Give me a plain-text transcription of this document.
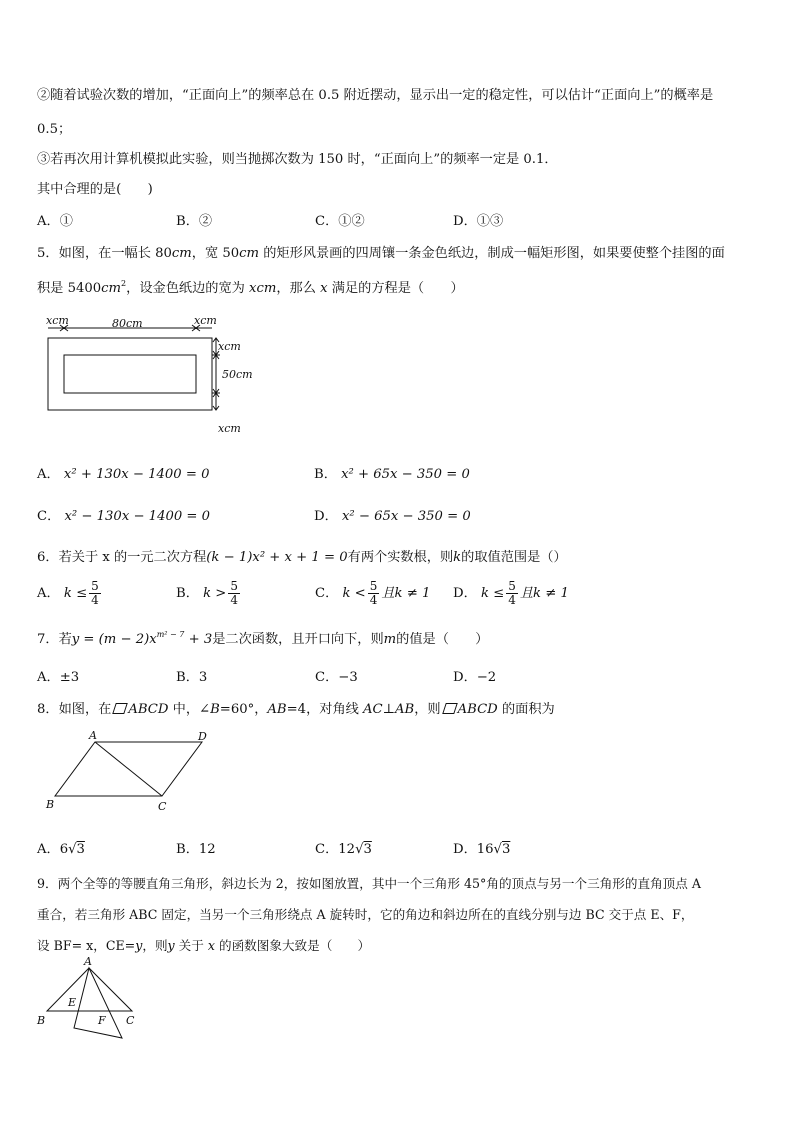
②随着试验次数的增加，“正面向上”的频率总在 0.5 附近摆动，显示出一定的稳定性，可以估计“正面向上”的概率是
0.5；
③若再次用计算机模拟此实验，则当抛掷次数为 150 时，“正面向上”的频率一定是 0.1．
其中合理的是(　　)
A．①	B．②	C．①②	D．①③
5．如图，在一幅长 80cm，宽 50cm 的矩形风景画的四周镶一条金色纸边，制成一幅矩形图，如果要使整个挂图的面
积是 $5400cm^2$，设金色纸边的宽为 xcm，那么 x 满足的方程是（　　）
xcm	80cm	xcm
xcm
50cm
xcm
A． x² + 130x − 1400 = 0	B． x² + 65x − 350 = 0
C． x² − 130x − 1400 = 0	D． x² − 65x − 350 = 0
6．若关于 x 的一元二次方程(k − 1)x² + x + 1 = 0有两个实数根，则k的取值范围是（）
A． $k \le \frac{5}{4}$	B． $k > \frac{5}{4}$	C． $k < \frac{5}{4}$ 且k ≠ 1 D． $k \le \frac{5}{4}$ 且k ≠ 1
7．若$y = (m - 2)x^{m^2 - 7} + 3$是二次函数，且开口向下，则m的值是（　　）
A．±3	B．3	C．−3	D．−2
8．如图，在 ABCD 中，∠B=60°，AB=4，对角线 AC⊥AB，则 ABCD 的面积为
A	D
B	C
A．6√3	B．12	C．12√3	D．16√3
9．两个全等的等腰直角三角形，斜边长为 2，按如图放置，其中一个三角形 45°角的顶点与另一个三角形的直角顶点 A
重合，若三角形 ABC 固定，当另一个三角形绕点 A 旋转时，它的角边和斜边所在的直线分别与边 BC 交于点 E、F，
设 BF= x，CE=y，则y 关于 x 的函数图象大致是（　　）
A
B	C
E
F
